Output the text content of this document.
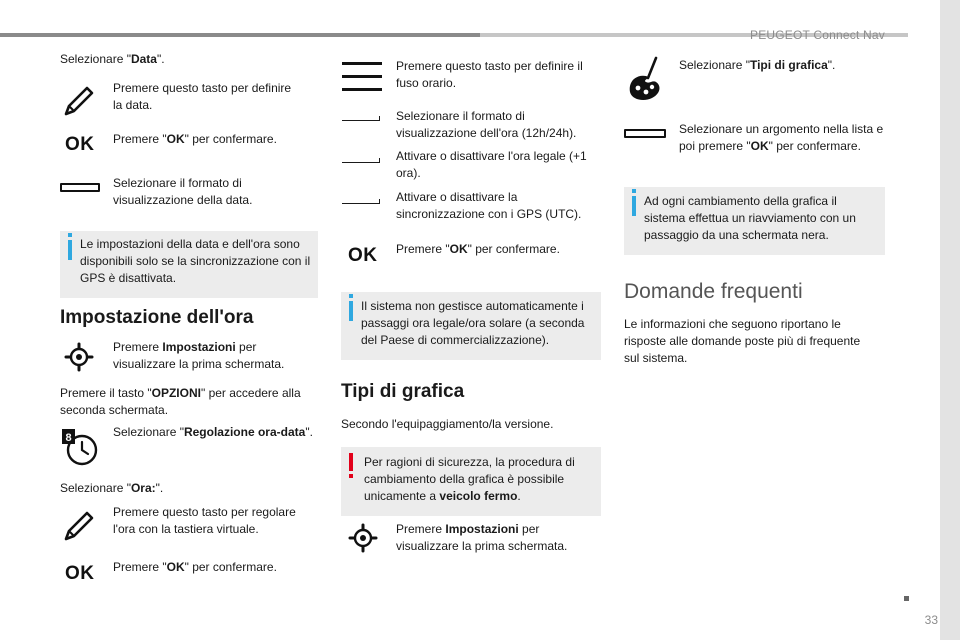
PEUGEOT Connect Nav
Selezionare "Data".
Premere questo tasto per definire la data.
OK Premere "OK" per confermare.
Selezionare il formato di visualizzazione della data.
Le impostazioni della data e dell'ora sono disponibili solo se la sincronizzazione con il GPS è disattivata.
Impostazione dell'ora
Premere Impostazioni per visualizzare la prima schermata.
Premere il tasto "OPZIONI" per accedere alla seconda schermata.
8	Selezionare "Regolazione ora-data".
Selezionare "Ora:".
Premere questo tasto per regolare l'ora con la tastiera virtuale.
OK Premere "OK" per confermare.
Premere questo tasto per definire il fuso orario.
Selezionare il formato di visualizzazione dell'ora (12h/24h).
Attivare o disattivare l'ora legale (+1 ora).
Attivare o disattivare la sincronizzazione con i GPS (UTC).
OK Premere "OK" per confermare.
Il sistema non gestisce automaticamente i passaggi ora legale/ora solare (a seconda del Paese di commercializzazione).
Tipi di grafica
Secondo l'equipaggiamento/la versione.
Per ragioni di sicurezza, la procedura di cambiamento della grafica è possibile unicamente a veicolo fermo.
Premere Impostazioni per visualizzare la prima schermata.
Selezionare "Tipi di grafica".
Selezionare un argomento nella lista e poi premere "OK" per confermare.
Ad ogni cambiamento della grafica il sistema effettua un riavviamento con un passaggio da una schermata nera.
Domande frequenti
Le informazioni che seguono riportano le risposte alle domande poste più di frequente sul sistema.
33
